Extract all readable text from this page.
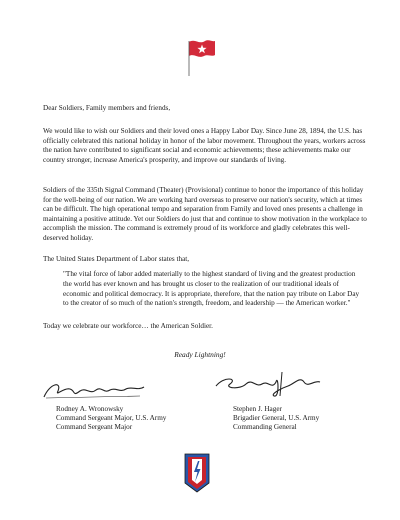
Dear Soldiers, Family members and friends,
We would like to wish our Soldiers and their loved ones a Happy Labor Day. Since June 28, 1894, the U.S. has officially celebrated this national holiday in honor of the labor movement. Throughout the years, workers across the nation have contributed to significant social and economic achievements; these achievements make our country stronger, increase America's prosperity, and improve our standards of living.
Soldiers of the 335th Signal Command (Theater) (Provisional) continue to honor the importance of this holiday for the well-being of our nation. We are working hard overseas to preserve our nation's security, which at times can be difficult. The high operational tempo and separation from Family and loved ones presents a challenge in maintaining a positive attitude. Yet our Soldiers do just that and continue to show motivation in the workplace to accomplish the mission. The command is extremely proud of its workforce and gladly celebrates this well-deserved holiday.
The United States Department of Labor states that,
"The vital force of labor added materially to the highest standard of living and the greatest production the world has ever known and has brought us closer to the realization of our traditional ideals of economic and political democracy. It is appropriate, therefore, that the nation pay tribute on Labor Day to the creator of so much of the nation's strength, freedom, and leadership — the American worker."
Today we celebrate our workforce… the American Soldier.
Ready Lightning!
Rodney A. Wronowsky
Command Sergeant Major, U.S. Army
Command Sergeant Major
Stephen J. Hager
Brigadier General, U.S. Army
Commanding General
